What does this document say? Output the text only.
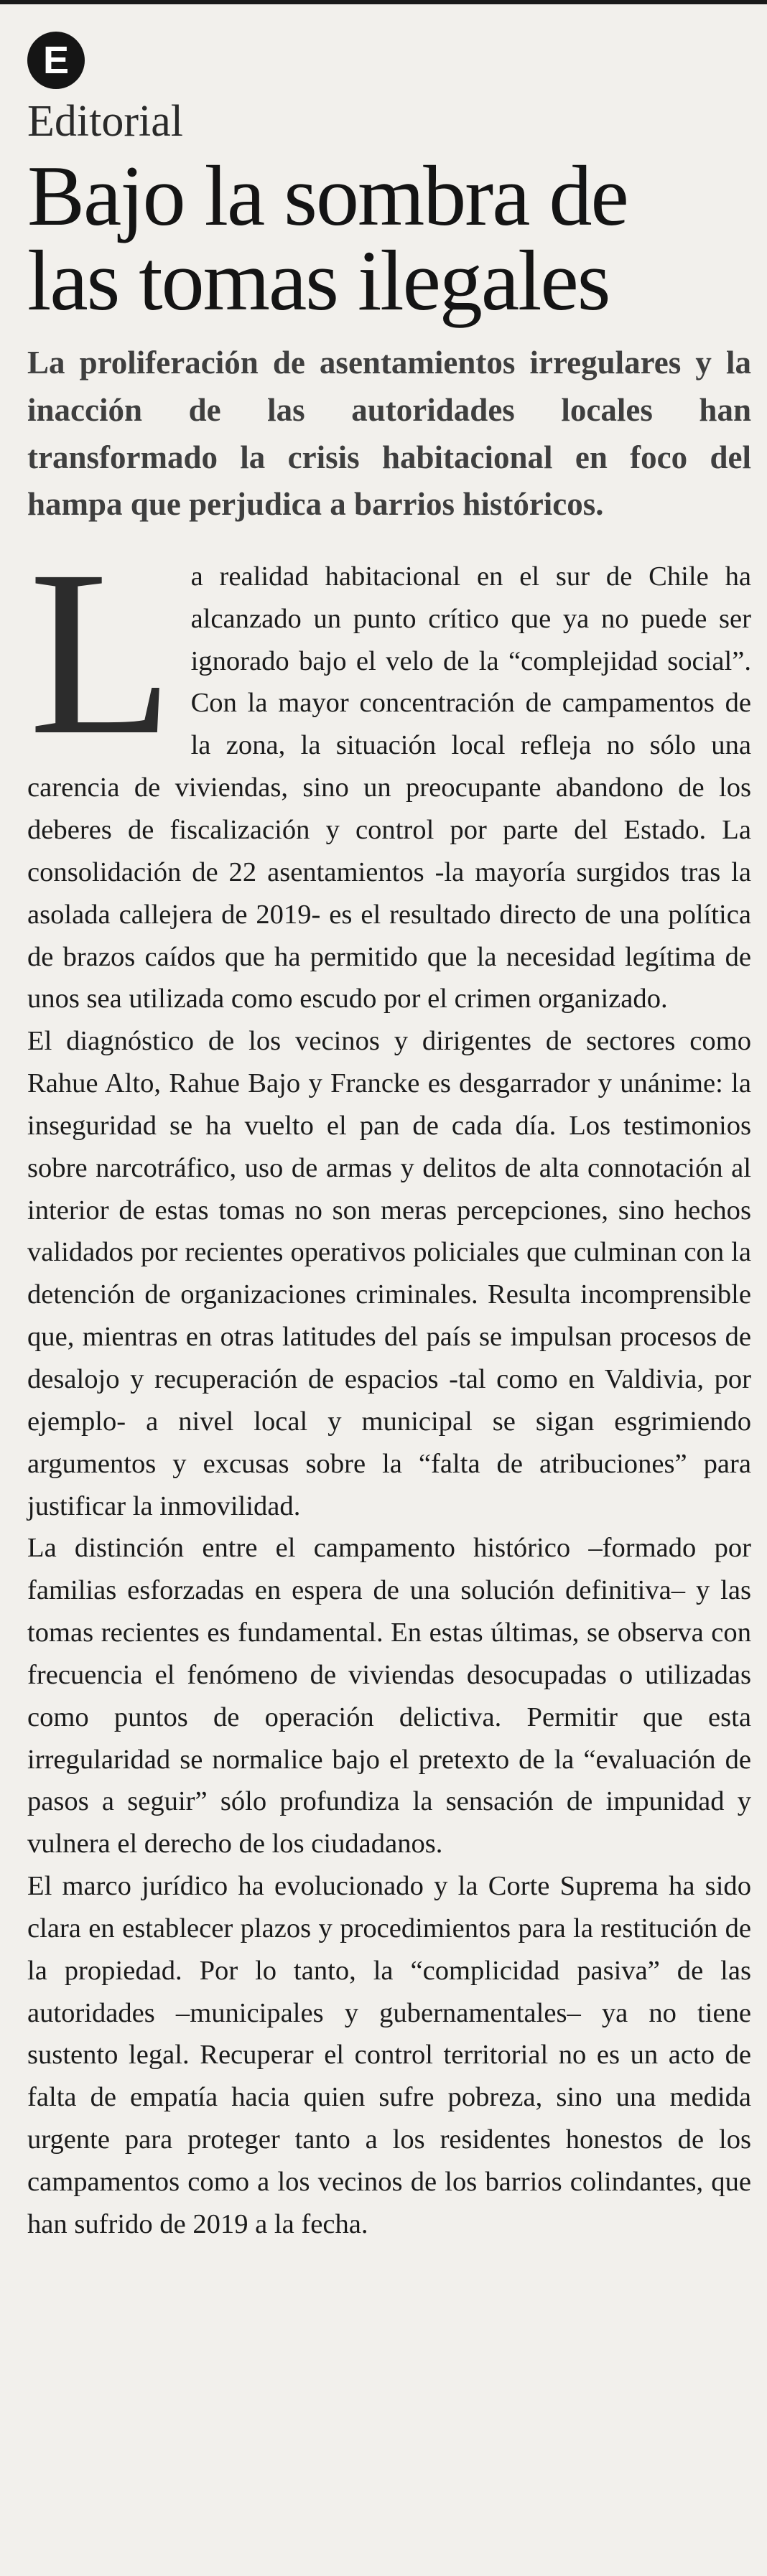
E
Editorial
Bajo la sombra de
las tomas ilegales
La proliferación de asentamientos irregulares y la inacción de las autoridades locales han transformado la crisis habitacional en foco del hampa que perjudica a barrios históricos.

La realidad habitacional en el sur de Chile ha alcanzado un punto crítico que ya no puede ser ignorado bajo el velo de la “complejidad social”. Con la mayor concentración de campamentos de la zona, la situación local refleja no sólo una carencia de viviendas, sino un preocupante abandono de los deberes de fiscalización y control por parte del Estado. La consolidación de 22 asentamientos -la mayoría surgidos tras la asolada callejera de 2019- es el resultado directo de una política de brazos caídos que ha permitido que la necesidad legítima de unos sea utilizada como escudo por el crimen organizado.

El diagnóstico de los vecinos y dirigentes de sectores como Rahue Alto, Rahue Bajo y Francke es desgarrador y unánime: la inseguridad se ha vuelto el pan de cada día. Los testimonios sobre narcotráfico, uso de armas y delitos de alta connotación al interior de estas tomas no son meras percepciones, sino hechos validados por recientes operativos policiales que culminan con la detención de organizaciones criminales. Resulta incomprensible que, mientras en otras latitudes del país se impulsan procesos de desalojo y recuperación de espacios -tal como en Valdivia, por ejemplo- a nivel local y municipal se sigan esgrimiendo argumentos y excusas sobre la “falta de atribuciones” para justificar la inmovilidad.

La distinción entre el campamento histórico –formado por familias esforzadas en espera de una solución definitiva– y las tomas recientes es fundamental. En estas últimas, se observa con frecuencia el fenómeno de viviendas desocupadas o utilizadas como puntos de operación delictiva. Permitir que esta irregularidad se normalice bajo el pretexto de la “evaluación de pasos a seguir” sólo profundiza la sensación de impunidad y vulnera el derecho de los ciudadanos.

El marco jurídico ha evolucionado y la Corte Suprema ha sido clara en establecer plazos y procedimientos para la restitución de la propiedad. Por lo tanto, la “complicidad pasiva” de las autoridades –municipales y gubernamentales– ya no tiene sustento legal. Recuperar el control territorial no es un acto de falta de empatía hacia quien sufre pobreza, sino una medida urgente para proteger tanto a los residentes honestos de los campamentos como a los vecinos de los barrios colindantes, que han sufrido de 2019 a la fecha.
